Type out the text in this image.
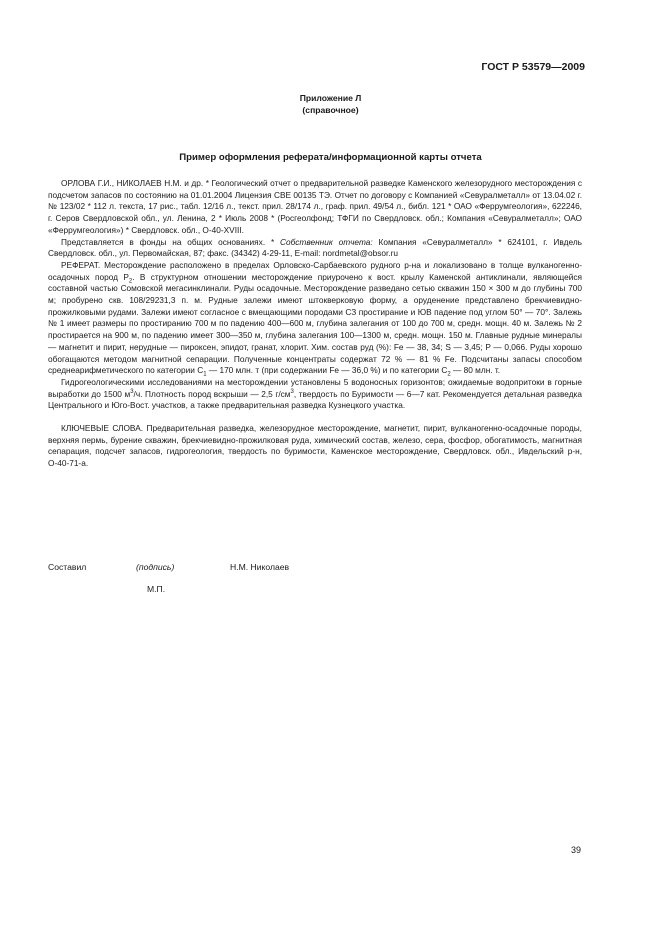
ГОСТ Р 53579—2009
Приложение Л
(справочное)
Пример оформления реферата/информационной карты отчета

ОРЛОВА Г.И., НИКОЛАЕВ Н.М. и др. * Геологический отчет о предварительной разведке Каменского железорудного месторождения с подсчетом запасов по состоянию на 01.01.2004 Лицензия СВЕ 00135 ТЭ. Отчет по договору с Компанией «Севуралметалл» от 13.04.02 г. № 123/02 * 112 л. текста, 17 рис., табл. 12/16 л., текст. прил. 28/174 л., граф. прил. 49/54 л., библ. 121 * ОАО «Феррумгеология», 622246, г. Серов Свердловской обл., ул. Ленина, 2 * Июль 2008 * (Росгеолфонд; ТФГИ по Свердловск. обл.; Компания «Севуралметалл»; ОАО «Феррумгеология») * Свердловск. обл., О-40-XVIII.

Представляется в фонды на общих основаниях. * Собственник отчета: Компания «Севуралметалл» * 624101, г. Ивдель Свердловск. обл., ул. Первомайская, 87; факс. (34342) 4-29-11, E-mail: nordmetal@obsor.ru

РЕФЕРАТ. Месторождение расположено в пределах Орловско-Сарбаевского рудного р-на и локализовано в толще вулканогенно-осадочных пород $P_2$. В структурном отношении месторождение приурочено к вост. крылу Каменской антиклинали, являющейся составной частью Сомовской мегасинклинали. Руды осадочные. Месторождение разведано сетью скважин 150 × 300 м до глубины 700 м; пробурено скв. 108/29231,3 п. м. Рудные залежи имеют штокверковую форму, а оруденение представлено брекчиевидно-прожилковыми рудами. Залежи имеют согласное с вмещающими породами СЗ простирание и ЮВ падение под углом 50° — 70°. Залежь № 1 имеет размеры по простиранию 700 м по падению 400—600 м, глубина залегания от 100 до 700 м, средн. мощн. 40 м. Залежь № 2 простирается на 900 м, по падению имеет 300—350 м, глубина залегания 100—1300 м, средн. мощн. 150 м. Главные рудные минералы — магнетит и пирит, нерудные — пироксен, эпидот, гранат, хлорит. Хим. состав руд (%): Fe — 38, 34; S — 3,45; P — 0,066. Руды хорошо обогащаются методом магнитной сепарации. Полученные концентраты содержат 72 % — 81 % Fe. Подсчитаны запасы способом среднеарифметического по категории $C_1$ — 170 млн. т (при содержании Fe — 36,0 %) и по категории $C_2$ — 80 млн. т.

Гидрогеологическими исследованиями на месторождении установлены 5 водоносных горизонтов; ожидаемые водопритоки в горные выработки до 1500 $м^3/ч$. Плотность пород вскрыши — 2,5 $г/см^3$, твердость по Буримости — 6—7 кат. Рекомендуется детальная разведка Центрального и Юго-Вост. участков, а также предварительная разведка Кузнецкого участка.

КЛЮЧЕВЫЕ СЛОВА. Предварительная разведка, железорудное месторождение, магнетит, пирит, вулканогенно-осадочные породы, верхняя пермь, бурение скважин, брекчиевидно-прожилковая руда, химический состав, железо, сера, фосфор, обогатимость, магнитная сепарация, подсчет запасов, гидрогеология, твердость по буримости, Каменское месторождение, Свердловск. обл., Ивдельский р-н, О-40-71-а.

Составил	(подпись)	Н.М. Николаев
М.П.
39
